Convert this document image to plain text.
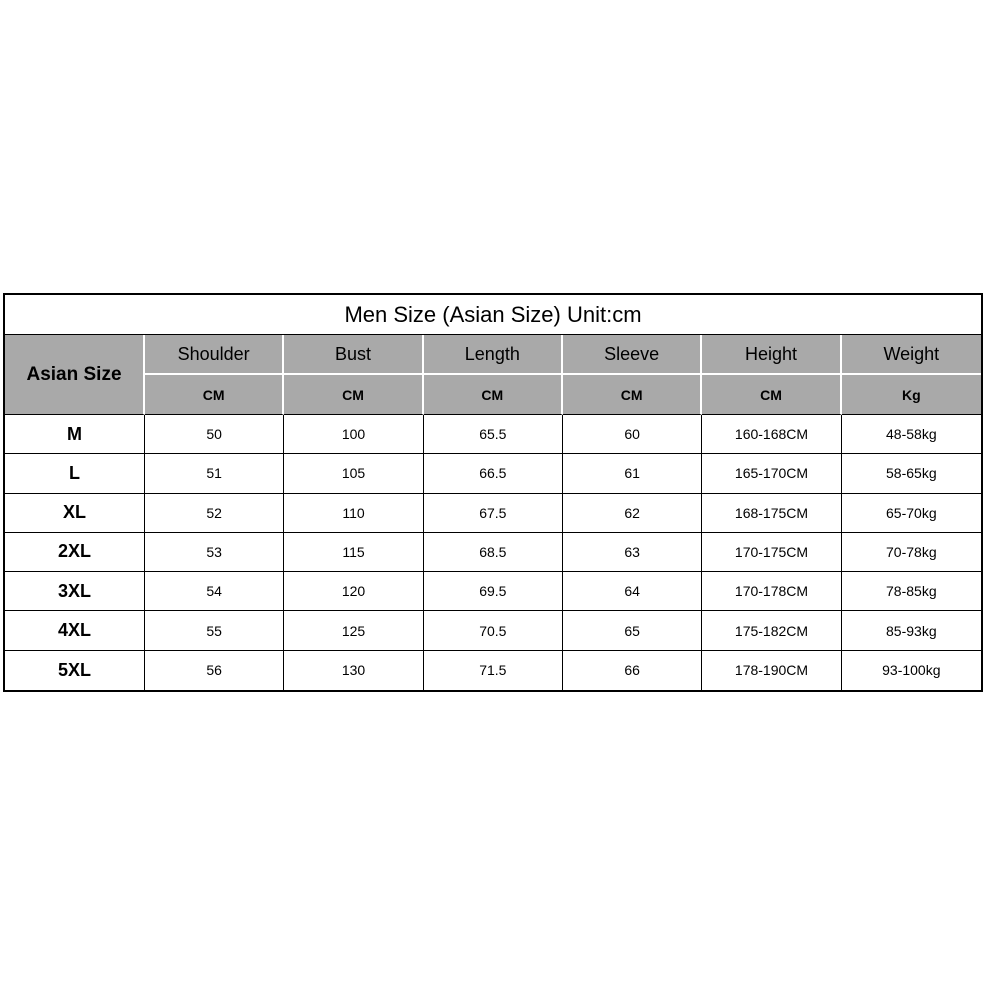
Men Size (Asian Size) Unit:cm
Asian Size
Shoulder	Bust	Length	Sleeve	Height	Weight
CM	CM	CM	CM	CM	Kg
M	50	100	65.5	60	160-168CM	48-58kg
L	51	105	66.5	61	165-170CM	58-65kg
XL	52	110	67.5	62	168-175CM	65-70kg
2XL	53	115	68.5	63	170-175CM	70-78kg
3XL	54	120	69.5	64	170-178CM	78-85kg
4XL	55	125	70.5	65	175-182CM	85-93kg
5XL	56	130	71.5	66	178-190CM	93-100kg
